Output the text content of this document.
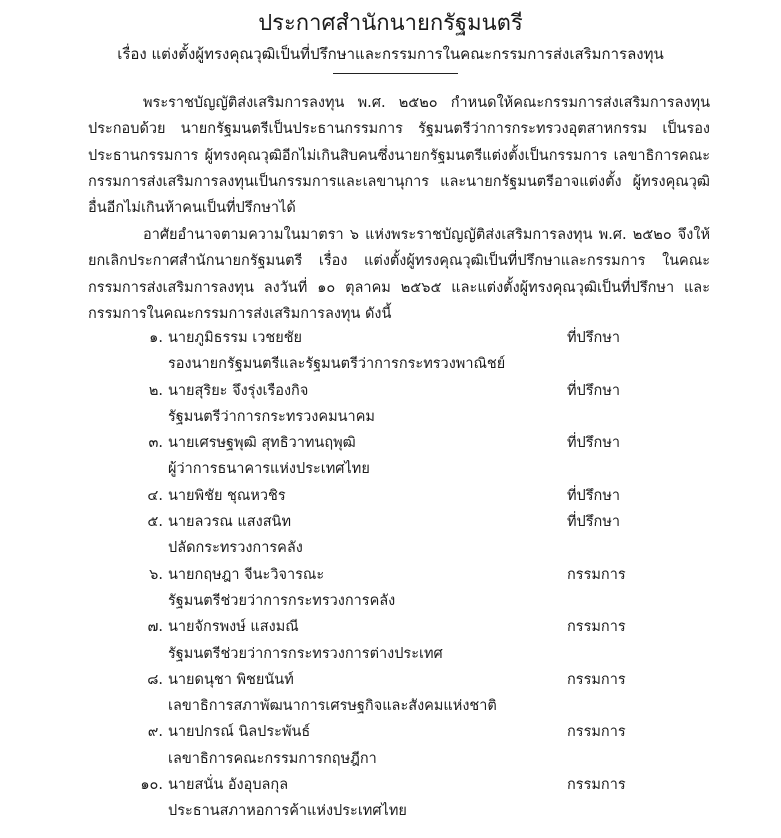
ประกาศสำนักนายกรัฐมนตรี
เรื่อง แต่งตั้งผู้ทรงคุณวุฒิเป็นที่ปรึกษาและกรรมการในคณะกรรมการส่งเสริมการลงทุน

พระราชบัญญัติส่งเสริมการลงทุน พ.ศ. ๒๕๒๐ กำหนดให้คณะกรรมการส่งเสริมการลงทุน ประกอบด้วย นายกรัฐมนตรีเป็นประธานกรรมการ รัฐมนตรีว่าการกระทรวงอุตสาหกรรม เป็นรองประธานกรรมการ ผู้ทรงคุณวุฒิอีกไม่เกินสิบคนซึ่งนายกรัฐมนตรีแต่งตั้งเป็นกรรมการ เลขาธิการคณะกรรมการส่งเสริมการลงทุนเป็นกรรมการและเลขานุการ และนายกรัฐมนตรีอาจแต่งตั้ง ผู้ทรงคุณวุฒิอื่นอีกไม่เกินห้าคนเป็นที่ปรึกษาได้

อาศัยอำนาจตามความในมาตรา ๖ แห่งพระราชบัญญัติส่งเสริมการลงทุน พ.ศ. ๒๕๒๐ จึงให้ยกเลิกประกาศสำนักนายกรัฐมนตรี เรื่อง แต่งตั้งผู้ทรงคุณวุฒิเป็นที่ปรึกษาและกรรมการ ในคณะกรรมการส่งเสริมการลงทุน ลงวันที่ ๑๐ ตุลาคม ๒๕๖๕ และแต่งตั้งผู้ทรงคุณวุฒิเป็นที่ปรึกษา และกรรมการในคณะกรรมการส่งเสริมการลงทุน ดังนี้

๑. นายภูมิธรรม เวชยชัย	ที่ปรึกษา
รองนายกรัฐมนตรีและรัฐมนตรีว่าการกระทรวงพาณิชย์
๒. นายสุริยะ จึงรุ่งเรืองกิจ	ที่ปรึกษา
รัฐมนตรีว่าการกระทรวงคมนาคม
๓. นายเศรษฐพุฒิ สุทธิวาทนฤพุฒิ	ที่ปรึกษา
ผู้ว่าการธนาคารแห่งประเทศไทย
๔. นายพิชัย ชุณหวชิร	ที่ปรึกษา
๕. นายลวรณ แสงสนิท	ที่ปรึกษา
ปลัดกระทรวงการคลัง
๖. นายกฤษฎา จีนะวิจารณะ	กรรมการ
รัฐมนตรีช่วยว่าการกระทรวงการคลัง
๗. นายจักรพงษ์ แสงมณี	กรรมการ
รัฐมนตรีช่วยว่าการกระทรวงการต่างประเทศ
๘. นายดนุชา พิชยนันท์	กรรมการ
เลขาธิการสภาพัฒนาการเศรษฐกิจและสังคมแห่งชาติ
๙. นายปกรณ์ นิลประพันธ์	กรรมการ
เลขาธิการคณะกรรมการกฤษฎีกา
๑๐. นายสนั่น อังอุบลกุล	กรรมการ
ประธานสภาหอการค้าแห่งประเทศไทย
